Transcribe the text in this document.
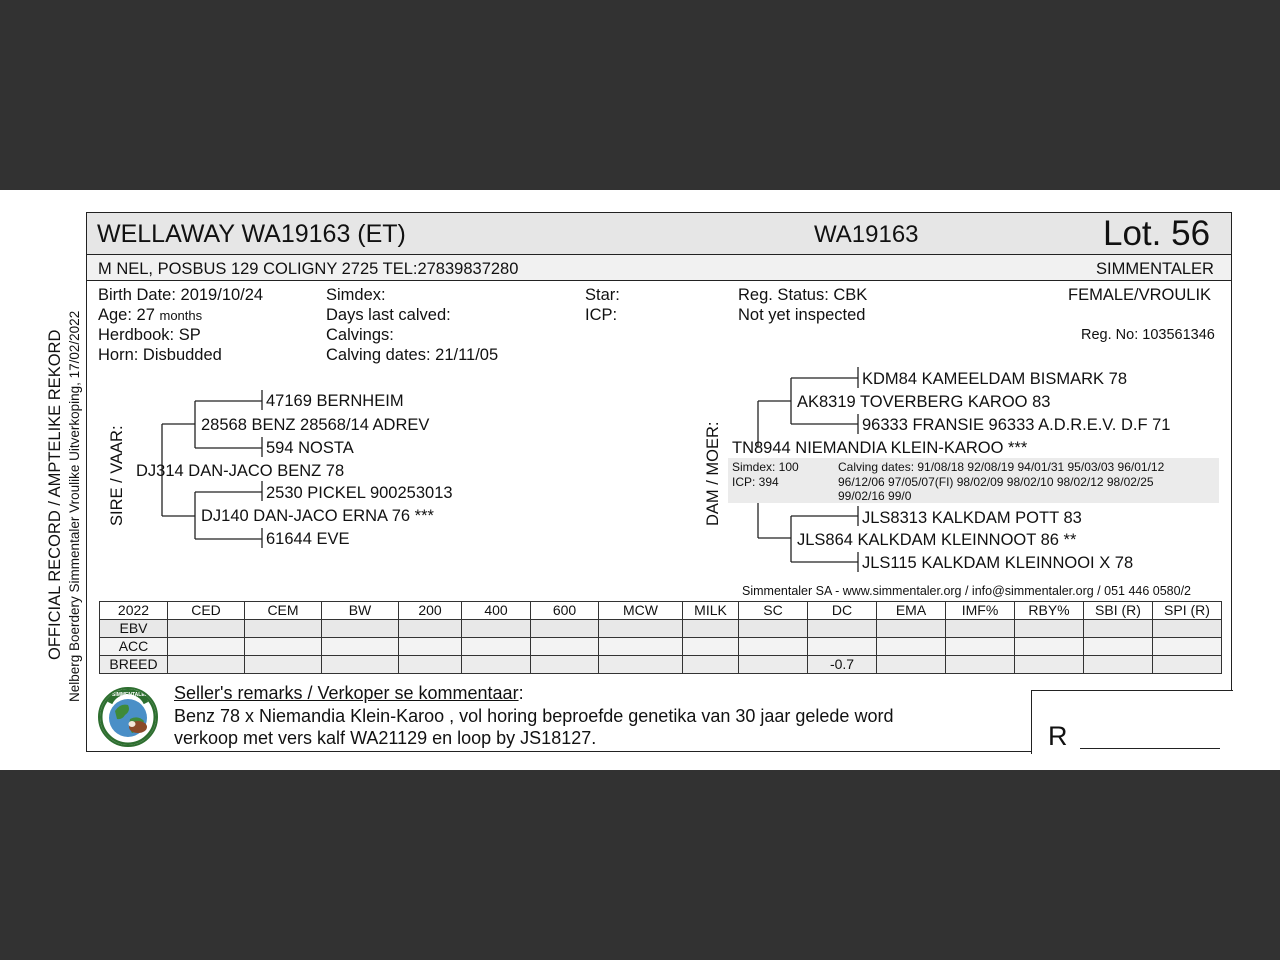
OFFICIAL RECORD / AMPTELIKE REKORD Nelberg Boerdery Simmentaler Vroulike Uitverkoping, 17/02/2022
WELLAWAY WA19163 (ET)	WA19163	Lot. 56
M NEL, POSBUS 129 COLIGNY 2725 TEL:27839837280	SIMMENTALER
Birth Date: 2019/10/24
Age: 27 months
Herdbook: SP
Horn: Disbudded
Simdex:
Days last calved:
Calvings:
Calving dates: 21/11/05
Star:
ICP:
Reg. Status: CBK
Not yet inspected
FEMALE/VROULIK
Reg. No: 103561346
SIRE / VAAR:	DAM / MOER:
47169 BERNHEIM
28568 BENZ 28568/14 ADREV
594 NOSTA
DJ314 DAN-JACO BENZ 78
2530 PICKEL 900253013
DJ140 DAN-JACO ERNA 76 ***
61644 EVE
KDM84 KAMEELDAM BISMARK 78
AK8319 TOVERBERG KAROO 83
96333 FRANSIE 96333 A.D.R.E.V. D.F 71
TN8944 NIEMANDIA KLEIN-KAROO ***
Simdex: 100
ICP: 394
Calving dates: 91/08/18 92/08/19 94/01/31 95/03/03 96/01/12
96/12/06 97/05/07(FI) 98/02/09 98/02/10 98/02/12 98/02/25
99/02/16 99/0
JLS8313 KALKDAM POTT 83
JLS864 KALKDAM KLEINNOOT 86 **
JLS115 KALKDAM KLEINNOOI X 78
Simmentaler SA - www.simmentaler.org / info@simmentaler.org / 051 446 0580/2
2022	CED	CEM	BW	200	400	600	MCW	MILK	SC	DC	EMA	IMF%	RBY%	SBI (R)	SPI (R)
EBV															
ACC															
BREED										-0.7					
SIMMENTALER Seller's remarks / Verkoper se kommentaar:
Benz 78 x Niemandia Klein-Karoo , vol horing beproefde genetika van 30 jaar gelede word
verkoop met vers kalf WA21129 en loop by JS18127.	R
